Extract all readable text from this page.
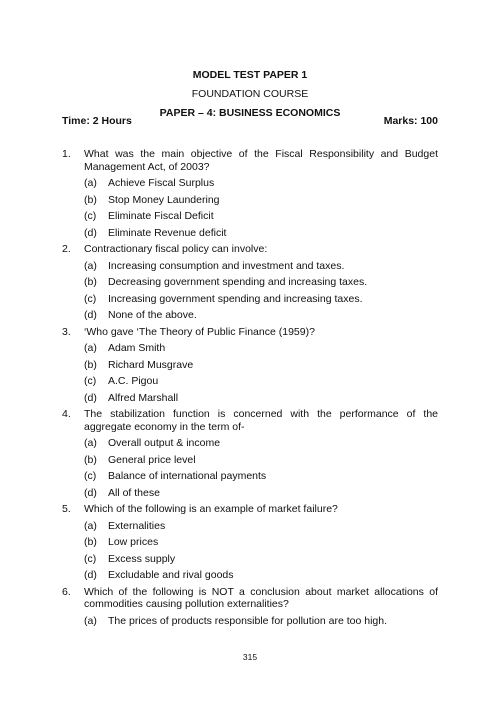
MODEL TEST PAPER 1
FOUNDATION COURSE
PAPER – 4: BUSINESS ECONOMICS
Time: 2 Hours	Marks: 100
1.	What was the main objective of the Fiscal Responsibility and Budget Management Act, of 2003?
(a)	Achieve Fiscal Surplus
(b)	Stop Money Laundering
(c)	Eliminate Fiscal Deficit
(d)	Eliminate Revenue deficit
2.	Contractionary fiscal policy can involve:
(a)	Increasing consumption and investment and taxes.
(b)	Decreasing government spending and increasing taxes.
(c)	Increasing government spending and increasing taxes.
(d)	None of the above.
3.	‘Who gave ‘The Theory of Public Finance (1959)?
(a)	Adam Smith
(b)	Richard Musgrave
(c)	A.C. Pigou
(d)	Alfred Marshall
4.	The stabilization function is concerned with the performance of the aggregate economy in the term of-
(a)	Overall output & income
(b)	General price level
(c)	Balance of international payments
(d)	All of these
5.	Which of the following is an example of market failure?
(a)	Externalities
(b)	Low prices
(c)	Excess supply
(d)	Excludable and rival goods
6.	Which of the following is NOT a conclusion about market allocations of commodities causing pollution externalities?
(a)	The prices of products responsible for pollution are too high.
315
